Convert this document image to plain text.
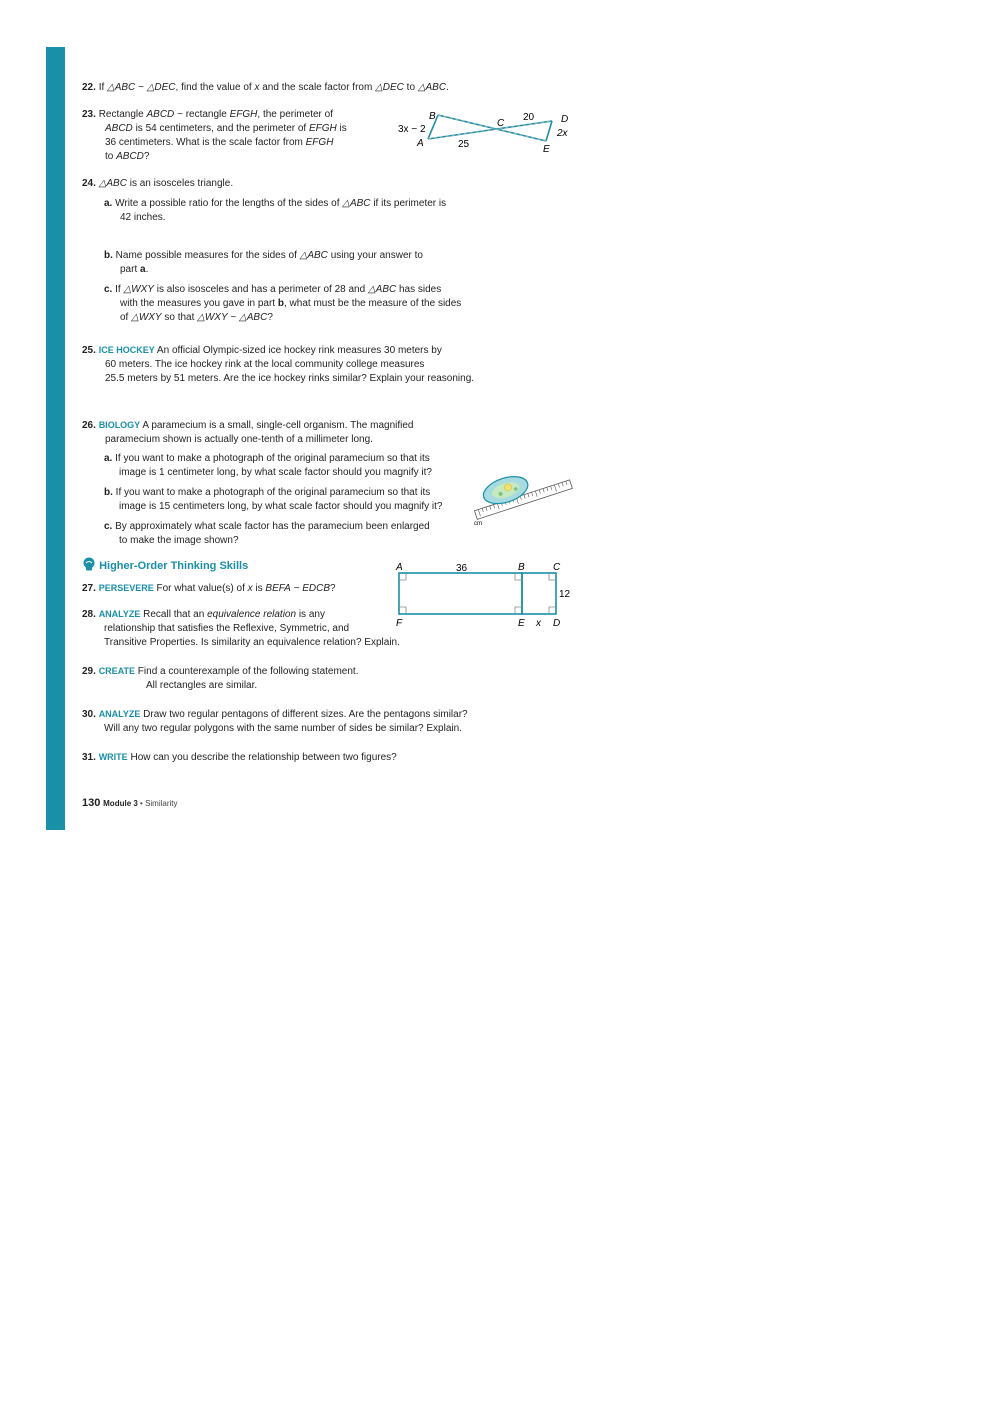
22. If △ABC ~ △DEC, find the value of x and the scale factor from △DEC to △ABC.
23. Rectangle ABCD ~ rectangle EFGH, the perimeter of
ABCD is 54 centimeters, and the perimeter of EFGH is
36 centimeters. What is the scale factor from EFGH
to ABCD?
B
C	D
A
E
3x − 2
20
2x
25
24. △ABC is an isosceles triangle.
a. Write a possible ratio for the lengths of the sides of △ABC if its perimeter is
42 inches.
b. Name possible measures for the sides of △ABC using your answer to
part a.
c. If △WXY is also isosceles and has a perimeter of 28 and △ABC has sides
with the measures you gave in part b, what must be the measure of the sides
of △WXY so that △WXY ~ △ABC?
25. ICE HOCKEY An official Olympic-sized ice hockey rink measures 30 meters by
60 meters. The ice hockey rink at the local community college measures
25.5 meters by 51 meters. Are the ice hockey rinks similar? Explain your reasoning.
26. BIOLOGY A paramecium is a small, single-cell organism. The magnified
paramecium shown is actually one-tenth of a millimeter long.
a. If you want to make a photograph of the original paramecium so that its
image is 1 centimeter long, by what scale factor should you magnify it?
b. If you want to make a photograph of the original paramecium so that its
image is 15 centimeters long, by what scale factor should you magnify it?
c. By approximately what scale factor has the paramecium been enlarged
to make the image shown?
cm
Higher-Order Thinking Skills
27. PERSEVERE For what value(s) of x is BEFA ~ EDCB?
A	36	B	C
12
F	E x D
28. ANALYZE Recall that an equivalence relation is any
relationship that satisfies the Reflexive, Symmetric, and
Transitive Properties. Is similarity an equivalence relation? Explain.
29. CREATE Find a counterexample of the following statement.
All rectangles are similar.
30. ANALYZE Draw two regular pentagons of different sizes. Are the pentagons similar?
Will any two regular polygons with the same number of sides be similar? Explain.
31. WRITE How can you describe the relationship between two figures?
130 Module 3 • Similarity
